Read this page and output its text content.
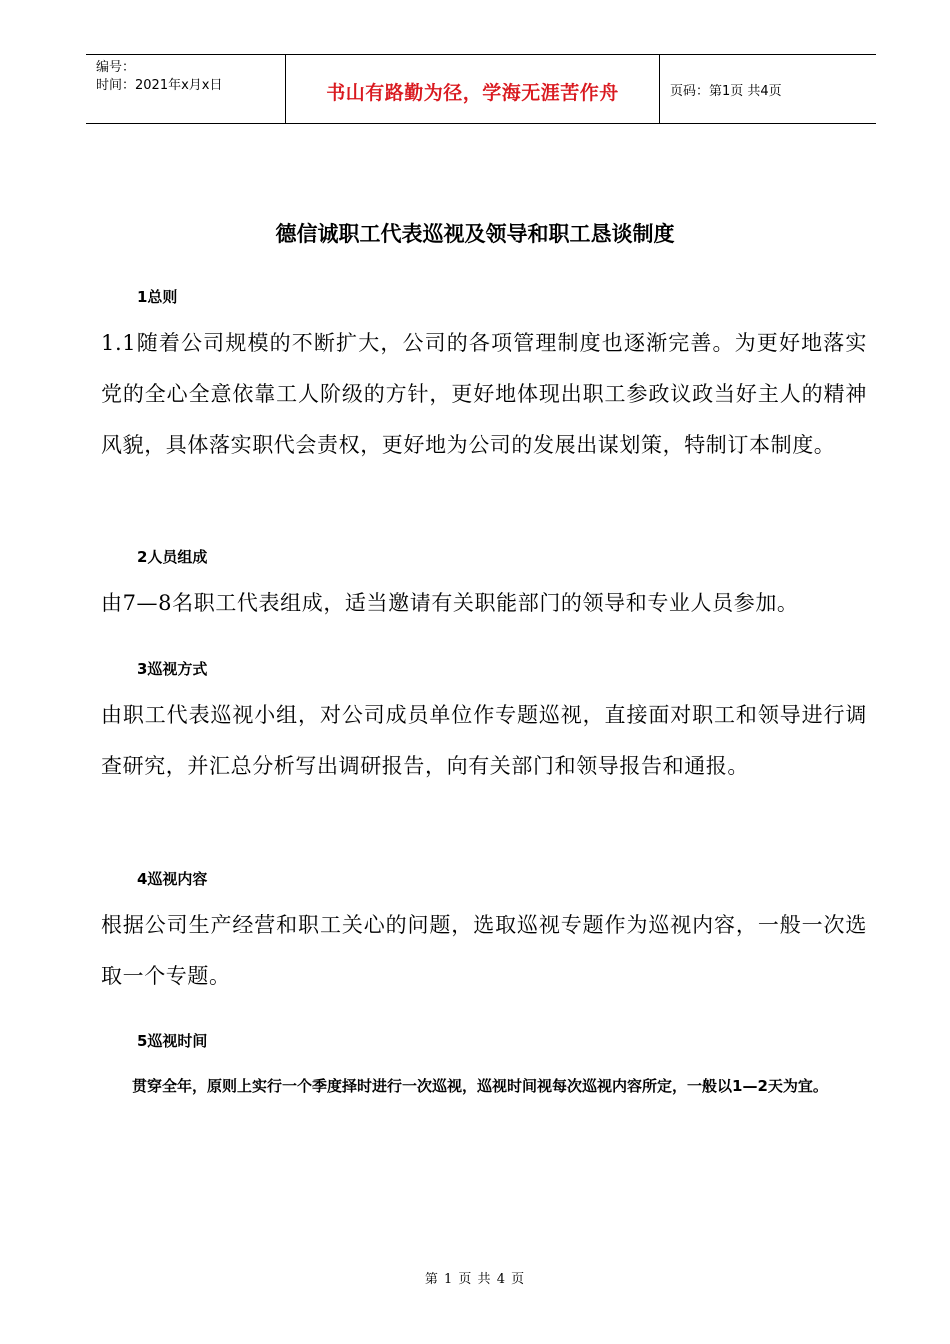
编号：
时间：2021年x月x日	书山有路勤为径，学海无涯苦作舟	页码：第1页 共4页
德信诚职工代表巡视及领导和职工恳谈制度
1总则

1.1随着公司规模的不断扩大，公司的各项管理制度也逐渐完善。为更好地落实党的全心全意依靠工人阶级的方针，更好地体现出职工参政议政当好主人的精神风貌，具体落实职代会责权，更好地为公司的发展出谋划策，特制订本制度。

2人员组成

由7—8名职工代表组成，适当邀请有关职能部门的领导和专业人员参加。

3巡视方式

由职工代表巡视小组，对公司成员单位作专题巡视，直接面对职工和领导进行调查研究，并汇总分析写出调研报告，向有关部门和领导报告和通报。

4巡视内容

根据公司生产经营和职工关心的问题，选取巡视专题作为巡视内容，一般一次选取一个专题。

5巡视时间

贯穿全年，原则上实行一个季度择时进行一次巡视，巡视时间视每次巡视内容所定，一般以1—2天为宜。

第 1 页 共 4 页
